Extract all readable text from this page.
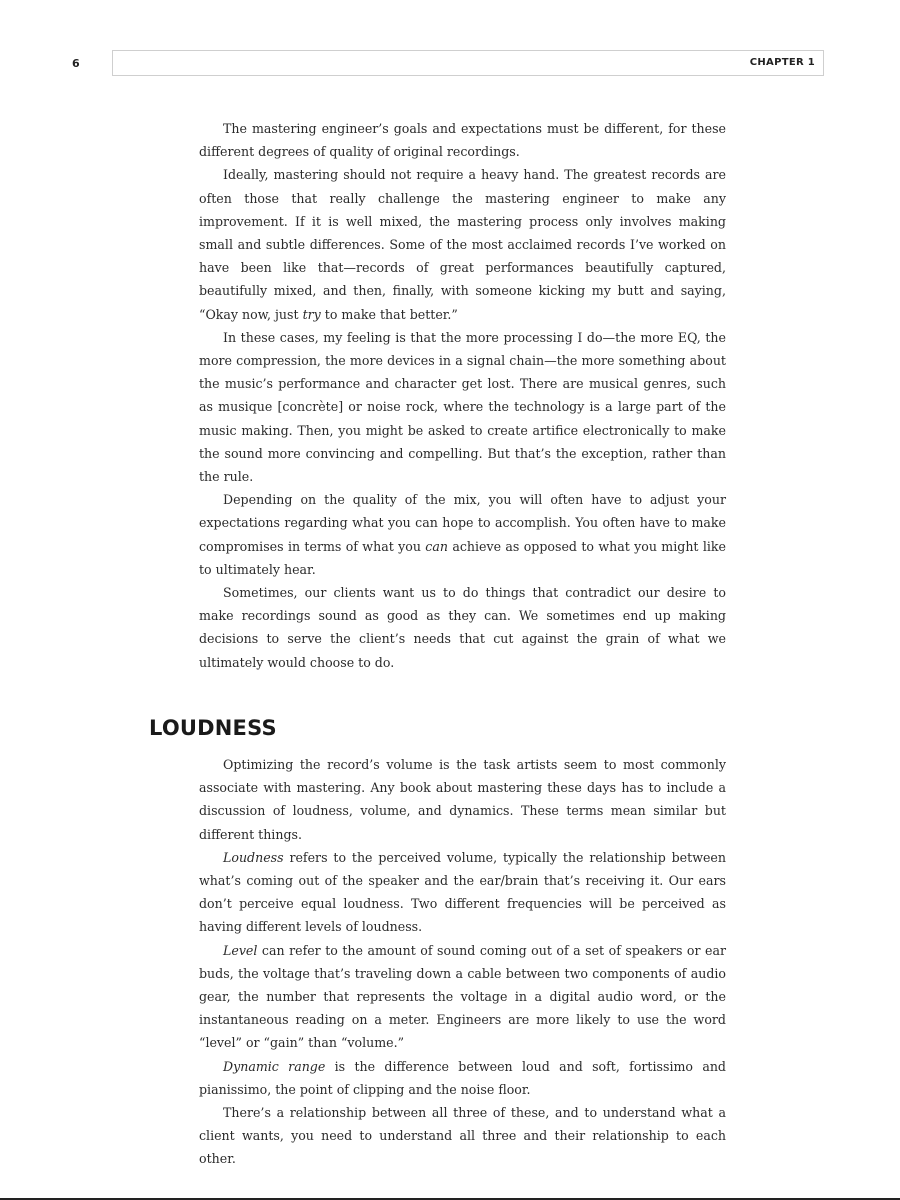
6	CHAPTER 1

The mastering engineer’s goals and expectations must be different, for these different degrees of quality of original recordings.

Ideally, mastering should not require a heavy hand. The greatest records are often those that really challenge the mastering engineer to make any improvement. If it is well mixed, the mastering process only involves making small and subtle differences. Some of the most acclaimed records I’ve worked on have been like that—records of great performances beautifully captured, beautifully mixed, and then, finally, with someone kicking my butt and saying, “Okay now, just try to make that better.”

In these cases, my feeling is that the more processing I do—the more EQ, the more compression, the more devices in a signal chain—the more something about the music’s performance and character get lost. There are musical genres, such as musique [concrète] or noise rock, where the technology is a large part of the music making. Then, you might be asked to create artifice electronically to make the sound more convincing and compelling. But that’s the exception, rather than the rule.

Depending on the quality of the mix, you will often have to adjust your expectations regarding what you can hope to accomplish. You often have to make compromises in terms of what you can achieve as opposed to what you might like to ultimately hear.

Sometimes, our clients want us to do things that contradict our desire to make recordings sound as good as they can. We sometimes end up making decisions to serve the client’s needs that cut against the grain of what we ultimately would choose to do.

LOUDNESS

Optimizing the record’s volume is the task artists seem to most commonly associate with mastering. Any book about mastering these days has to include a discussion of loudness, volume, and dynamics. These terms mean similar but different things.

Loudness refers to the perceived volume, typically the relationship between what’s coming out of the speaker and the ear/brain that’s receiving it. Our ears don’t perceive equal loudness. Two different frequencies will be perceived as having different levels of loudness.

Level can refer to the amount of sound coming out of a set of speakers or ear buds, the voltage that’s traveling down a cable between two components of audio gear, the number that represents the voltage in a digital audio word, or the instantaneous reading on a meter. Engineers are more likely to use the word “level” or “gain” than “volume.”

Dynamic range is the difference between loud and soft, fortissimo and pianissimo, the point of clipping and the noise floor.

There’s a relationship between all three of these, and to understand what a client wants, you need to understand all three and their relationship to each other.
